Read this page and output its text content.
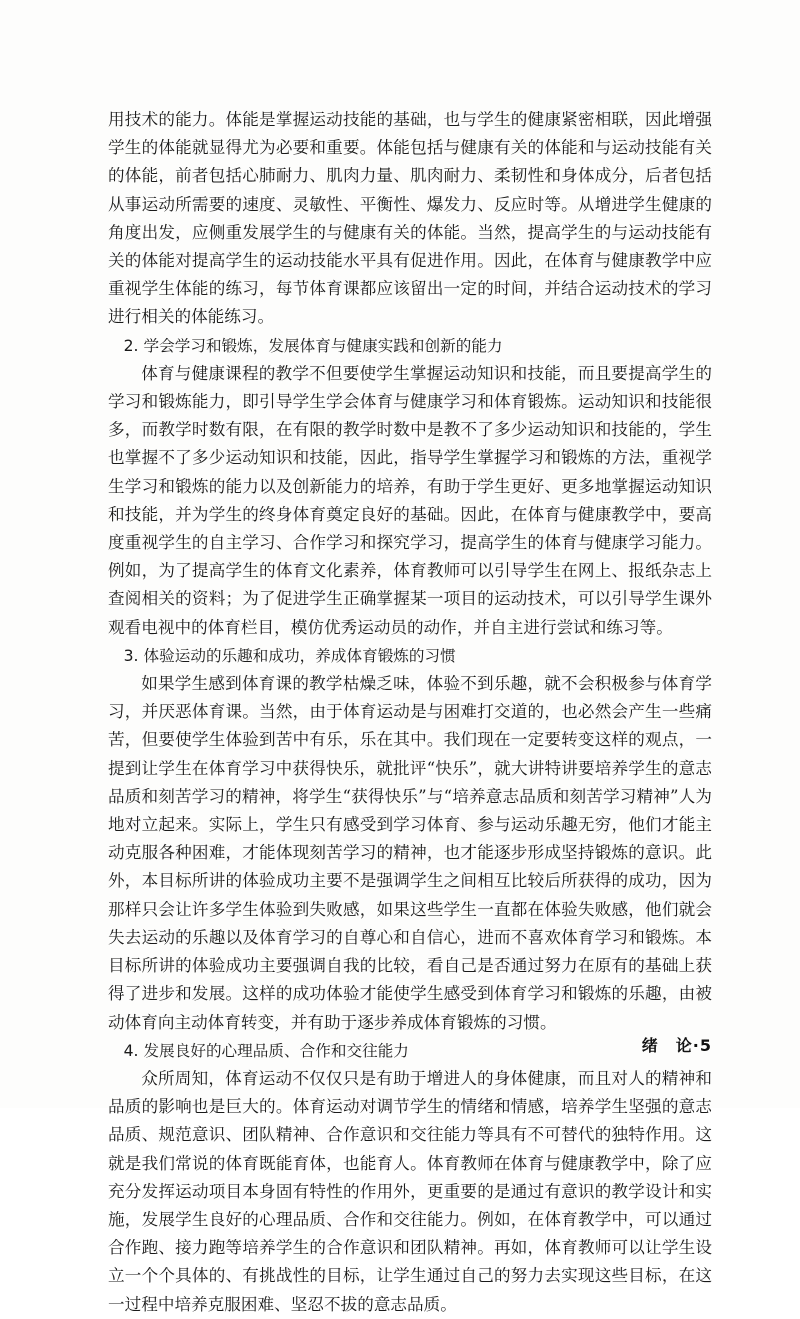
用技术的能力。体能是掌握运动技能的基础，也与学生的健康紧密相联，因此增强学生的体能就显得尤为必要和重要。体能包括与健康有关的体能和与运动技能有关的体能，前者包括心肺耐力、肌肉力量、肌肉耐力、柔韧性和身体成分，后者包括从事运动所需要的速度、灵敏性、平衡性、爆发力、反应时等。从增进学生健康的角度出发，应侧重发展学生的与健康有关的体能。当然，提高学生的与运动技能有关的体能对提高学生的运动技能水平具有促进作用。因此，在体育与健康教学中应重视学生体能的练习，每节体育课都应该留出一定的时间，并结合运动技术的学习进行相关的体能练习。

2. 学会学习和锻炼，发展体育与健康实践和创新的能力

体育与健康课程的教学不但要使学生掌握运动知识和技能，而且要提高学生的学习和锻炼能力，即引导学生学会体育与健康学习和体育锻炼。运动知识和技能很多，而教学时数有限，在有限的教学时数中是教不了多少运动知识和技能的，学生也掌握不了多少运动知识和技能，因此，指导学生掌握学习和锻炼的方法，重视学生学习和锻炼的能力以及创新能力的培养，有助于学生更好、更多地掌握运动知识和技能，并为学生的终身体育奠定良好的基础。因此，在体育与健康教学中，要高度重视学生的自主学习、合作学习和探究学习，提高学生的体育与健康学习能力。例如，为了提高学生的体育文化素养，体育教师可以引导学生在网上、报纸杂志上查阅相关的资料；为了促进学生正确掌握某一项目的运动技术，可以引导学生课外观看电视中的体育栏目，模仿优秀运动员的动作，并自主进行尝试和练习等。

3. 体验运动的乐趣和成功，养成体育锻炼的习惯

如果学生感到体育课的教学枯燥乏味，体验不到乐趣，就不会积极参与体育学习，并厌恶体育课。当然，由于体育运动是与困难打交道的，也必然会产生一些痛苦，但要使学生体验到苦中有乐，乐在其中。我们现在一定要转变这样的观点，一提到让学生在体育学习中获得快乐，就批评“快乐”，就大讲特讲要培养学生的意志品质和刻苦学习的精神，将学生“获得快乐”与“培养意志品质和刻苦学习精神”人为地对立起来。实际上，学生只有感受到学习体育、参与运动乐趣无穷，他们才能主动克服各种困难，才能体现刻苦学习的精神，也才能逐步形成坚持锻炼的意识。此外，本目标所讲的体验成功主要不是强调学生之间相互比较后所获得的成功，因为那样只会让许多学生体验到失败感，如果这些学生一直都在体验失败感，他们就会失去运动的乐趣以及体育学习的自尊心和自信心，进而不喜欢体育学习和锻炼。本目标所讲的体验成功主要强调自我的比较，看自己是否通过努力在原有的基础上获得了进步和发展。这样的成功体验才能使学生感受到体育学习和锻炼的乐趣，由被动体育向主动体育转变，并有助于逐步养成体育锻炼的习惯。

4. 发展良好的心理品质、合作和交往能力

众所周知，体育运动不仅仅只是有助于增进人的身体健康，而且对人的精神和品质的影响也是巨大的。体育运动对调节学生的情绪和情感，培养学生坚强的意志品质、规范意识、团队精神、合作意识和交往能力等具有不可替代的独特作用。这就是我们常说的体育既能育体，也能育人。体育教师在体育与健康教学中，除了应充分发挥运动项目本身固有特性的作用外，更重要的是通过有意识的教学设计和实施，发展学生良好的心理品质、合作和交往能力。例如，在体育教学中，可以通过合作跑、接力跑等培养学生的合作意识和团队精神。再如，体育教师可以让学生设立一个个具体的、有挑战性的目标，让学生通过自己的努力去实现这些目标，在这一过程中培养克服困难、坚忍不拔的意志品质。

绪　论·5
